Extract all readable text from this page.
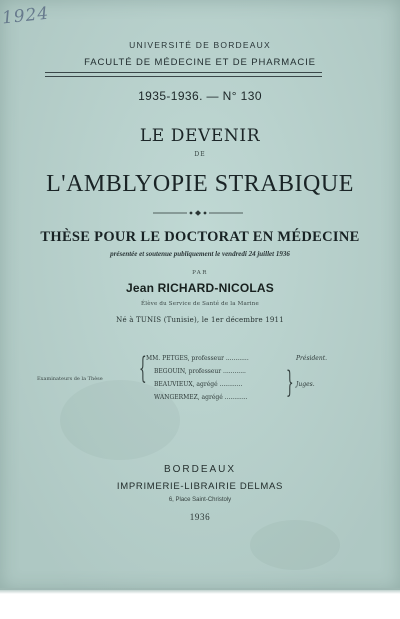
1924
UNIVERSITÉ DE BORDEAUX
FACULTÉ DE MÉDECINE ET DE PHARMACIE
1935-1936. — N° 130
LE DEVENIR
DE
L'AMBLYOPIE STRABIQUE
THÈSE POUR LE DOCTORAT EN MÉDECINE
présentée et soutenue publiquement le vendredi 24 juillet 1936
PAR
Jean RICHARD-NICOLAS
Élève du Service de Santé de la Marine
Né à TUNIS (Tunisie), le 1er décembre 1911
Examinateurs de la Thèse { MM. PETGES, professeur ............	Président.
BEGOUIN, professeur ............
BEAUVIEUX, agrégé ............	Juges.
WANGERMEZ, agrégé ............ }
BORDEAUX
IMPRIMERIE-LIBRAIRIE DELMAS
6, Place Saint-Christoly
1936
